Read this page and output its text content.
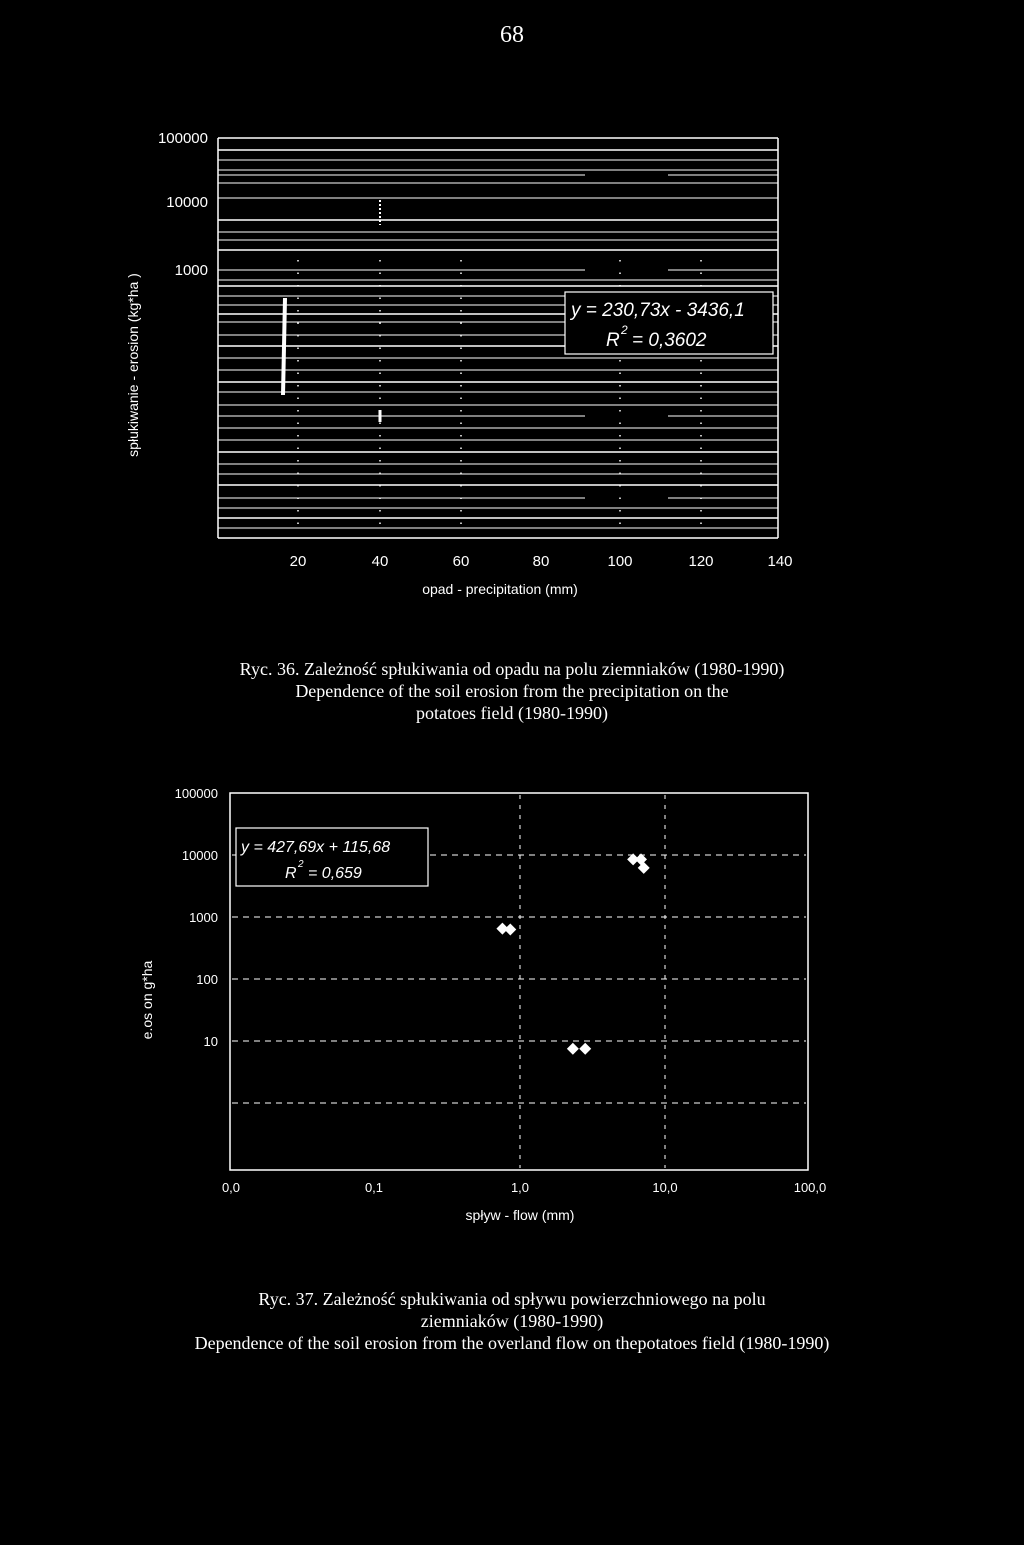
68
100000
10000
1000
20	40	60	80	100	120	140
opad - precipitation (mm)
spłukiwanie - erosion (kg*ha )	y = 230,73x - 3436,1
R 2 = 0,3602
Ryc. 36. Zależność spłukiwania od opadu na polu ziemniaków (1980-1990)
Dependence of the soil erosion from the precipitation on the
potatoes field (1980-1990)
100000
10000
1000
100
10
0,0	0,1	1,0	10,0	100,0
spływ - flow (mm)
e.os on g*ha
y = 427,69x + 115,68
R
2
= 0,659
Ryc. 37. Zależność spłukiwania od spływu powierzchniowego na polu
ziemniaków (1980-1990)
Dependence of the soil erosion from the overland flow on thepotatoes field (1980-1990)
